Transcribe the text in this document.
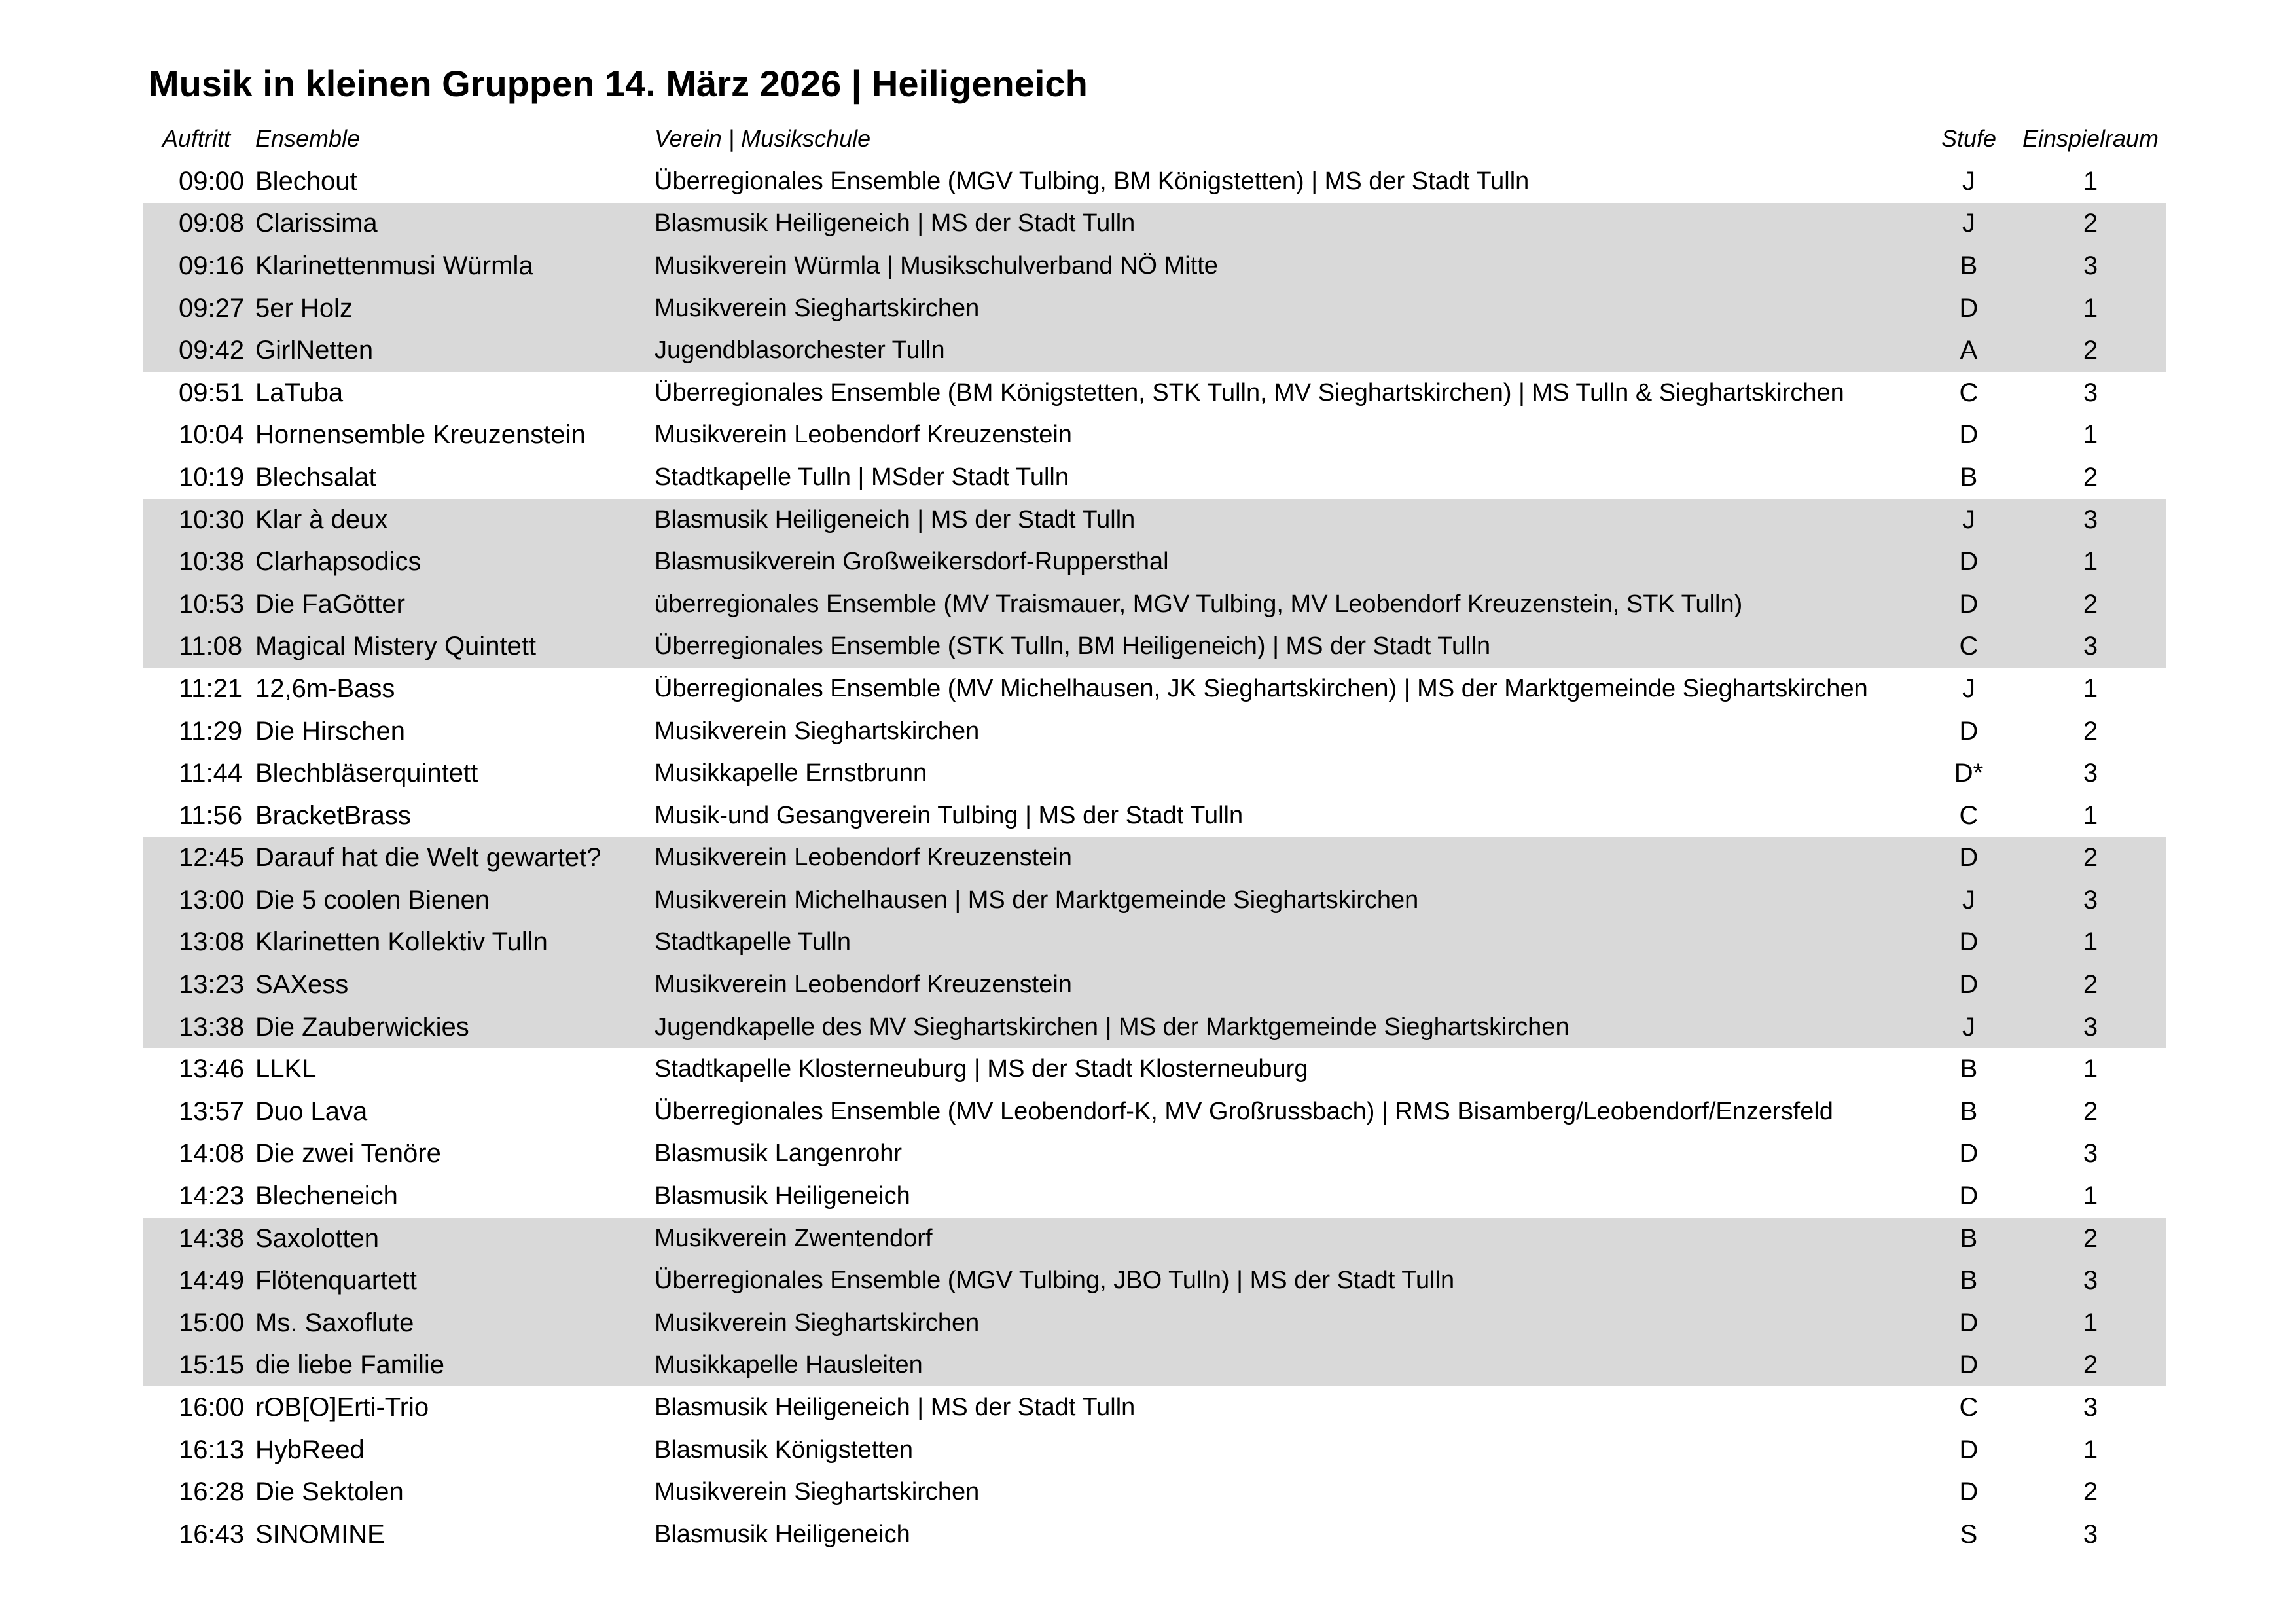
Musik in kleinen Gruppen 14. März 2026 | Heiligeneich
Auftritt	Ensemble	Verein | Musikschule	Stufe	Einspielraum
09:00 Blechout	Überregionales Ensemble (MGV Tulbing, BM Königstetten) | MS der Stadt Tulln	J	1
09:08 Clarissima	Blasmusik Heiligeneich | MS der Stadt Tulln	J	2
09:16 Klarinettenmusi Würmla	Musikverein Würmla | Musikschulverband NÖ Mitte	B	3
09:27 5er Holz	Musikverein Sieghartskirchen	D	1
09:42 GirlNetten	Jugendblasorchester Tulln	A	2
09:51 LaTuba	Überregionales Ensemble (BM Königstetten, STK Tulln, MV Sieghartskirchen) | MS Tulln & Sieghartskirchen	C	3
10:04 Hornensemble Kreuzenstein	Musikverein Leobendorf Kreuzenstein	D	1
10:19 Blechsalat	Stadtkapelle Tulln | MSder Stadt Tulln	B	2
10:30 Klar à deux	Blasmusik Heiligeneich | MS der Stadt Tulln	J	3
10:38 Clarhapsodics	Blasmusikverein Großweikersdorf-Ruppersthal	D	1
10:53 Die FaGötter	überregionales Ensemble (MV Traismauer, MGV Tulbing, MV Leobendorf Kreuzenstein, STK Tulln)	D	2
11:08 Magical Mistery Quintett	Überregionales Ensemble (STK Tulln, BM Heiligeneich) | MS der Stadt Tulln	C	3
11:21 12,6m-Bass	Überregionales Ensemble (MV Michelhausen, JK Sieghartskirchen) | MS der Marktgemeinde Sieghartskirchen	J	1
11:29 Die Hirschen	Musikverein Sieghartskirchen	D	2
11:44 Blechbläserquintett	Musikkapelle Ernstbrunn	D*	3
11:56 BracketBrass	Musik-und Gesangverein Tulbing | MS der Stadt Tulln	C	1
12:45 Darauf hat die Welt gewartet?	Musikverein Leobendorf Kreuzenstein	D	2
13:00 Die 5 coolen Bienen	Musikverein Michelhausen | MS der Marktgemeinde Sieghartskirchen	J	3
13:08 Klarinetten Kollektiv Tulln	Stadtkapelle Tulln	D	1
13:23 SAXess	Musikverein Leobendorf Kreuzenstein	D	2
13:38 Die Zauberwickies	Jugendkapelle des MV Sieghartskirchen | MS der Marktgemeinde Sieghartskirchen	J	3
13:46 LLKL	Stadtkapelle Klosterneuburg | MS der Stadt Klosterneuburg	B	1
13:57 Duo Lava	Überregionales Ensemble (MV Leobendorf-K, MV Großrussbach) | RMS Bisamberg/Leobendorf/Enzersfeld	B	2
14:08 Die zwei Tenöre	Blasmusik Langenrohr	D	3
14:23 Blecheneich	Blasmusik Heiligeneich	D	1
14:38 Saxolotten	Musikverein Zwentendorf	B	2
14:49 Flötenquartett	Überregionales Ensemble (MGV Tulbing, JBO Tulln) | MS der Stadt Tulln	B	3
15:00 Ms. Saxoflute	Musikverein Sieghartskirchen	D	1
15:15 die liebe Familie	Musikkapelle Hausleiten	D	2
16:00 rOB[O]Erti-Trio	Blasmusik Heiligeneich | MS der Stadt Tulln	C	3
16:13 HybReed	Blasmusik Königstetten	D	1
16:28 Die Sektolen	Musikverein Sieghartskirchen	D	2
16:43 SINOMINE	Blasmusik Heiligeneich	S	3
